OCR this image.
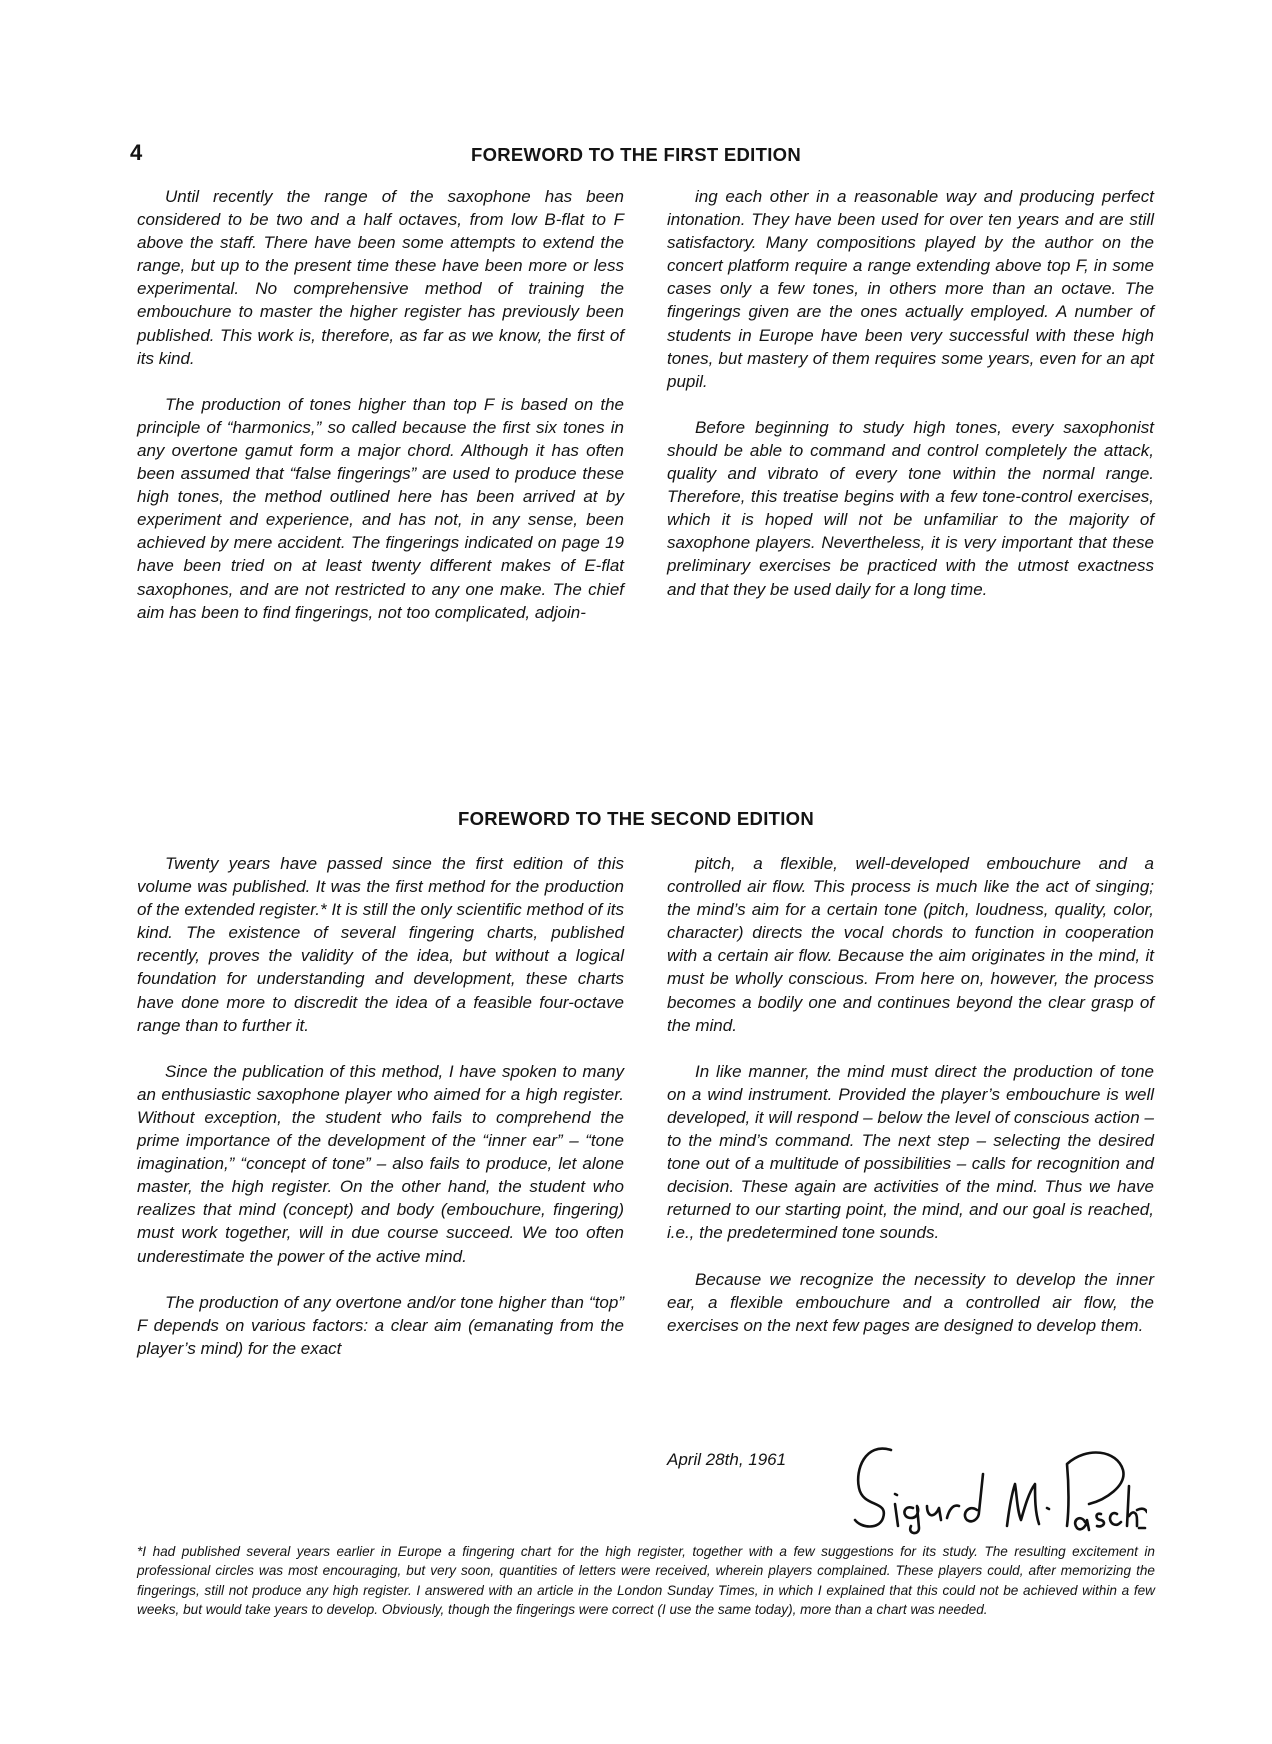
4	FOREWORD TO THE FIRST EDITION

Until recently the range of the saxophone has been considered to be two and a half octaves, from low B-flat to F above the staff. There have been some attempts to extend the range, but up to the present time these have been more or less experimental. No comprehensive method of training the embouchure to master the higher register has previously been published. This work is, therefore, as far as we know, the first of its kind.

The production of tones higher than top F is based on the principle of “harmonics,” so called because the first six tones in any overtone gamut form a major chord. Although it has often been assumed that “false fingerings” are used to produce these high tones, the method outlined here has been arrived at by experiment and experience, and has not, in any sense, been achieved by mere accident. The fingerings indicated on page 19 have been tried on at least twenty different makes of E-flat saxophones, and are not restricted to any one make. The chief aim has been to find fingerings, not too complicated, adjoin-

ing each other in a reasonable way and producing perfect intonation. They have been used for over ten years and are still satisfactory. Many compositions played by the author on the concert platform require a range extending above top F, in some cases only a few tones, in others more than an octave. The fingerings given are the ones actually employed. A number of students in Europe have been very successful with these high tones, but mastery of them requires some years, even for an apt pupil.

Before beginning to study high tones, every saxophonist should be able to command and control completely the attack, quality and vibrato of every tone within the normal range. Therefore, this treatise begins with a few tone-control exercises, which it is hoped will not be unfamiliar to the majority of saxophone players. Nevertheless, it is very important that these preliminary exercises be practiced with the utmost exactness and that they be used daily for a long time.

FOREWORD TO THE SECOND EDITION

Twenty years have passed since the first edition of this volume was published. It was the first method for the production of the extended register.* It is still the only scientific method of its kind. The existence of several fingering charts, published recently, proves the validity of the idea, but without a logical foundation for understanding and development, these charts have done more to discredit the idea of a feasible four-octave range than to further it.

Since the publication of this method, I have spoken to many an enthusiastic saxophone player who aimed for a high register. Without exception, the student who fails to comprehend the prime importance of the development of the “inner ear” – “tone imagination,” “concept of tone” – also fails to produce, let alone master, the high register. On the other hand, the student who realizes that mind (concept) and body (embouchure, fingering) must work together, will in due course succeed. We too often underestimate the power of the active mind.

The production of any overtone and/or tone higher than “top” F depends on various factors: a clear aim (emanating from the player’s mind) for the exact

pitch, a flexible, well-developed embouchure and a controlled air flow. This process is much like the act of singing; the mind’s aim for a certain tone (pitch, loudness, quality, color, character) directs the vocal chords to function in cooperation with a certain air flow. Because the aim originates in the mind, it must be wholly conscious. From here on, however, the process becomes a bodily one and continues beyond the clear grasp of the mind.

In like manner, the mind must direct the production of tone on a wind instrument. Provided the player’s embouchure is well developed, it will respond – below the level of conscious action – to the mind’s command. The next step – selecting the desired tone out of a multitude of possibilities – calls for recognition and decision. These again are activities of the mind. Thus we have returned to our starting point, the mind, and our goal is reached, i.e., the predetermined tone sounds.

Because we recognize the necessity to develop the inner ear, a flexible embouchure and a controlled air flow, the exercises on the next few pages are designed to develop them.

April 28th, 1961
*I had published several years earlier in Europe a fingering chart for the high register, together with a few suggestions for its study. The resulting excitement in professional circles was most encouraging, but very soon, quantities of letters were received, wherein players complained. These players could, after memorizing the fingerings, still not produce any high register. I answered with an article in the London Sunday Times, in which I explained that this could not be achieved within a few weeks, but would take years to develop. Obviously, though the fingerings were correct (I use the same today), more than a chart was needed.
